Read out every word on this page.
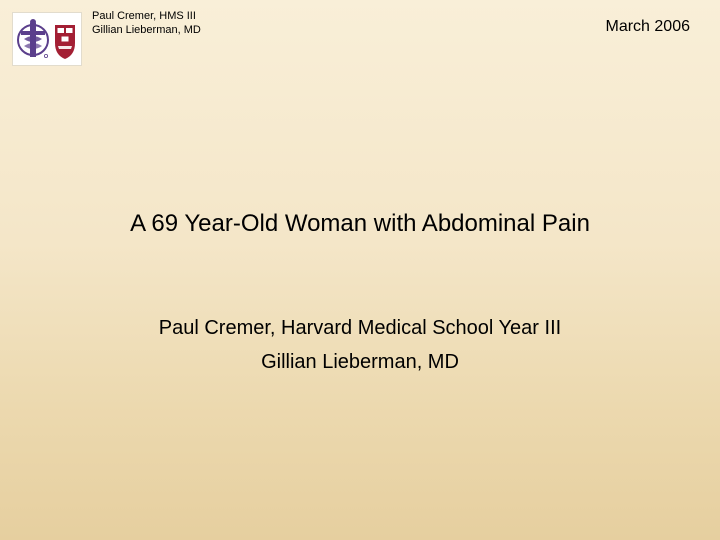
Paul Cremer, HMS III
Gillian Lieberman, MD	March 2006
A 69 Year-Old Woman with Abdominal Pain
Paul Cremer, Harvard Medical School Year III
Gillian Lieberman, MD
